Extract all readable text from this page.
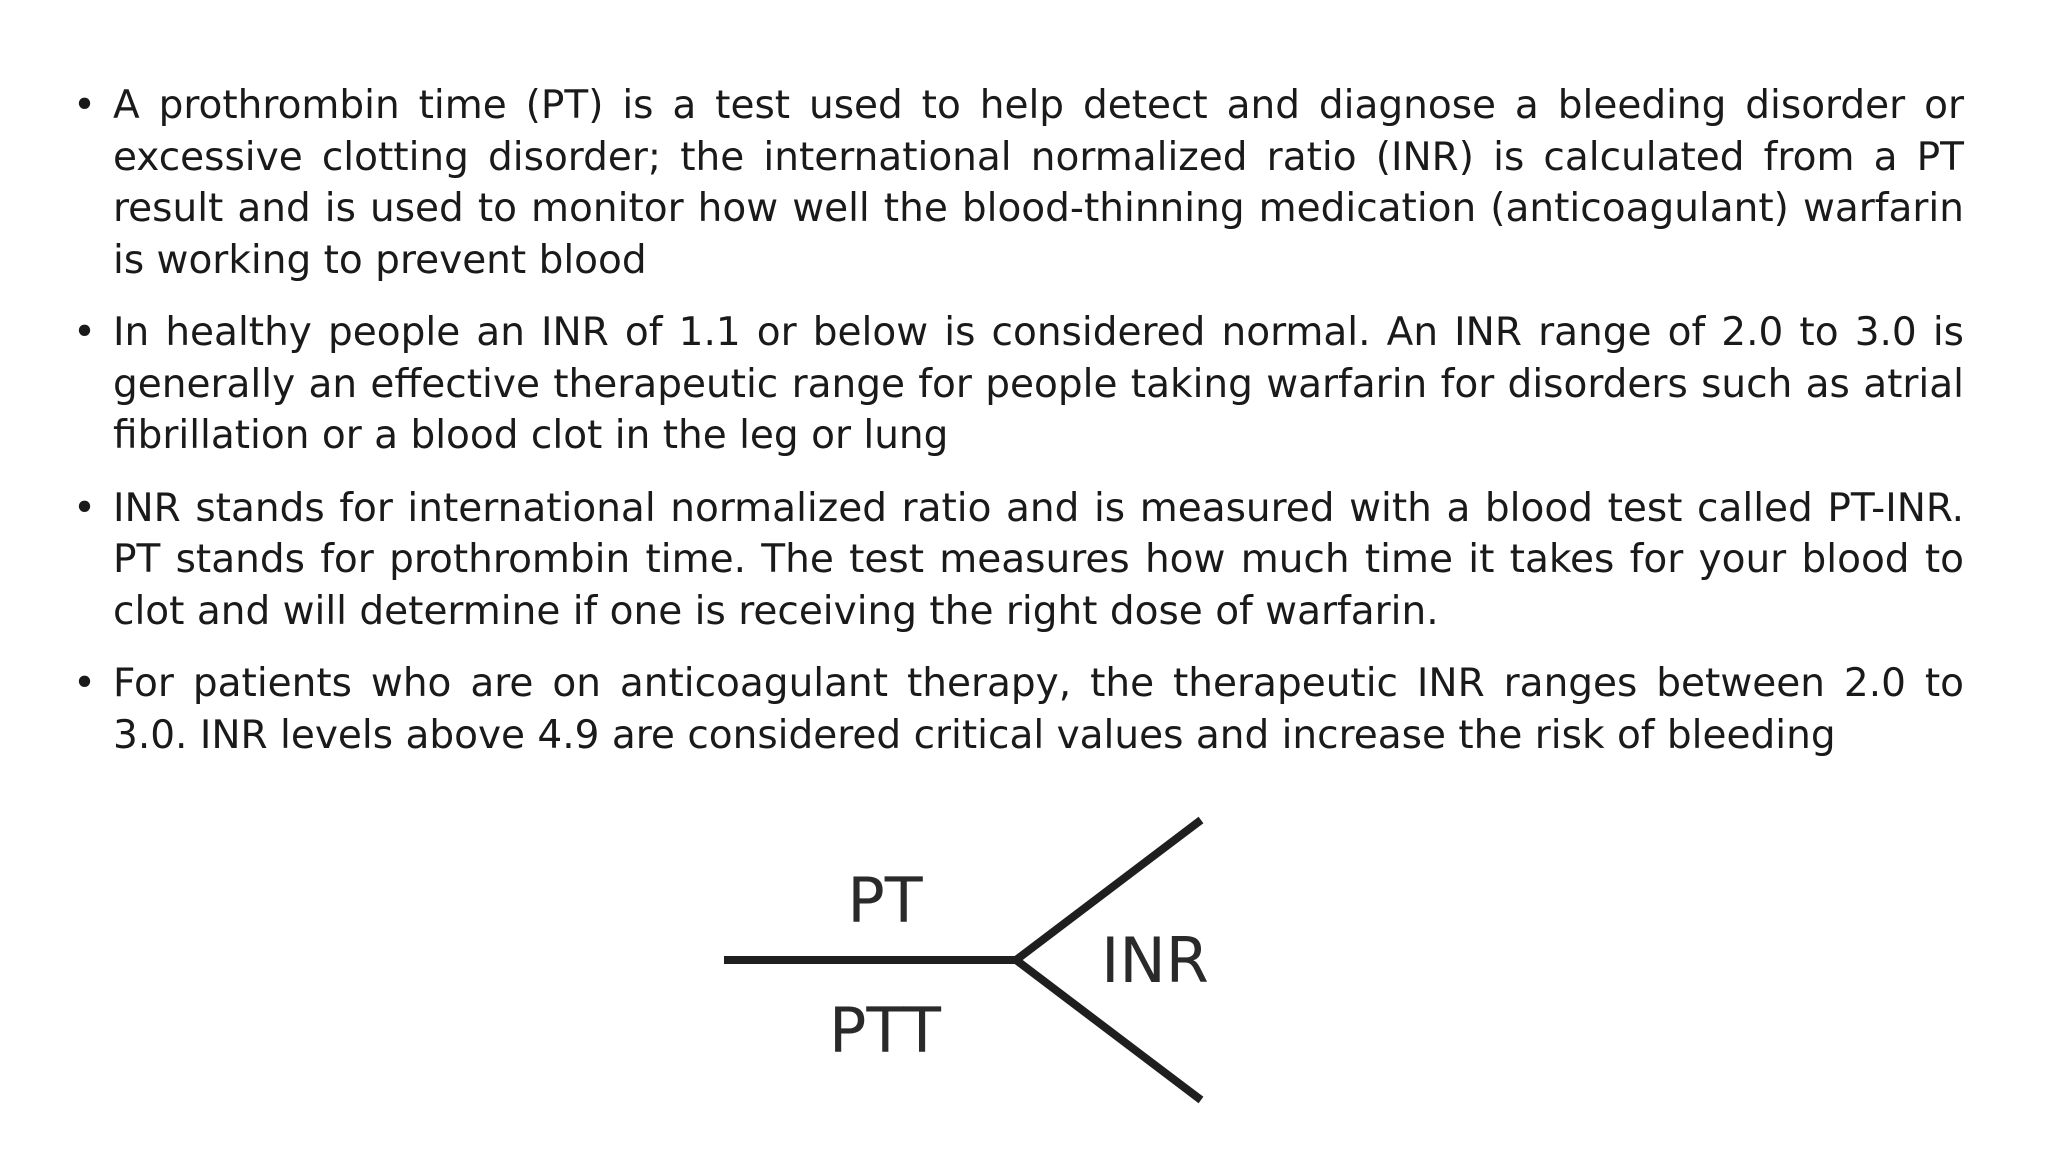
• A prothrombin time (PT) is a test used to help detect and diagnose a bleeding disorder or excessive clotting disorder; the international normalized ratio (INR) is calculated from a PT result and is used to monitor how well the blood-thinning medication (anticoagulant) warfarin is working to prevent blood
• In healthy people an INR of 1.1 or below is considered normal. An INR range of 2.0 to 3.0 is generally an effective therapeutic range for people taking warfarin for disorders such as atrial fibrillation or a blood clot in the leg or lung
• INR stands for international normalized ratio and is measured with a blood test called PT-INR. PT stands for prothrombin time. The test measures how much time it takes for your blood to clot and will determine if one is receiving the right dose of warfarin.
• For patients who are on anticoagulant therapy, the therapeutic INR ranges between 2.0 to 3.0. INR levels above 4.9 are considered critical values and increase the risk of bleeding
PT
PTT
INR
